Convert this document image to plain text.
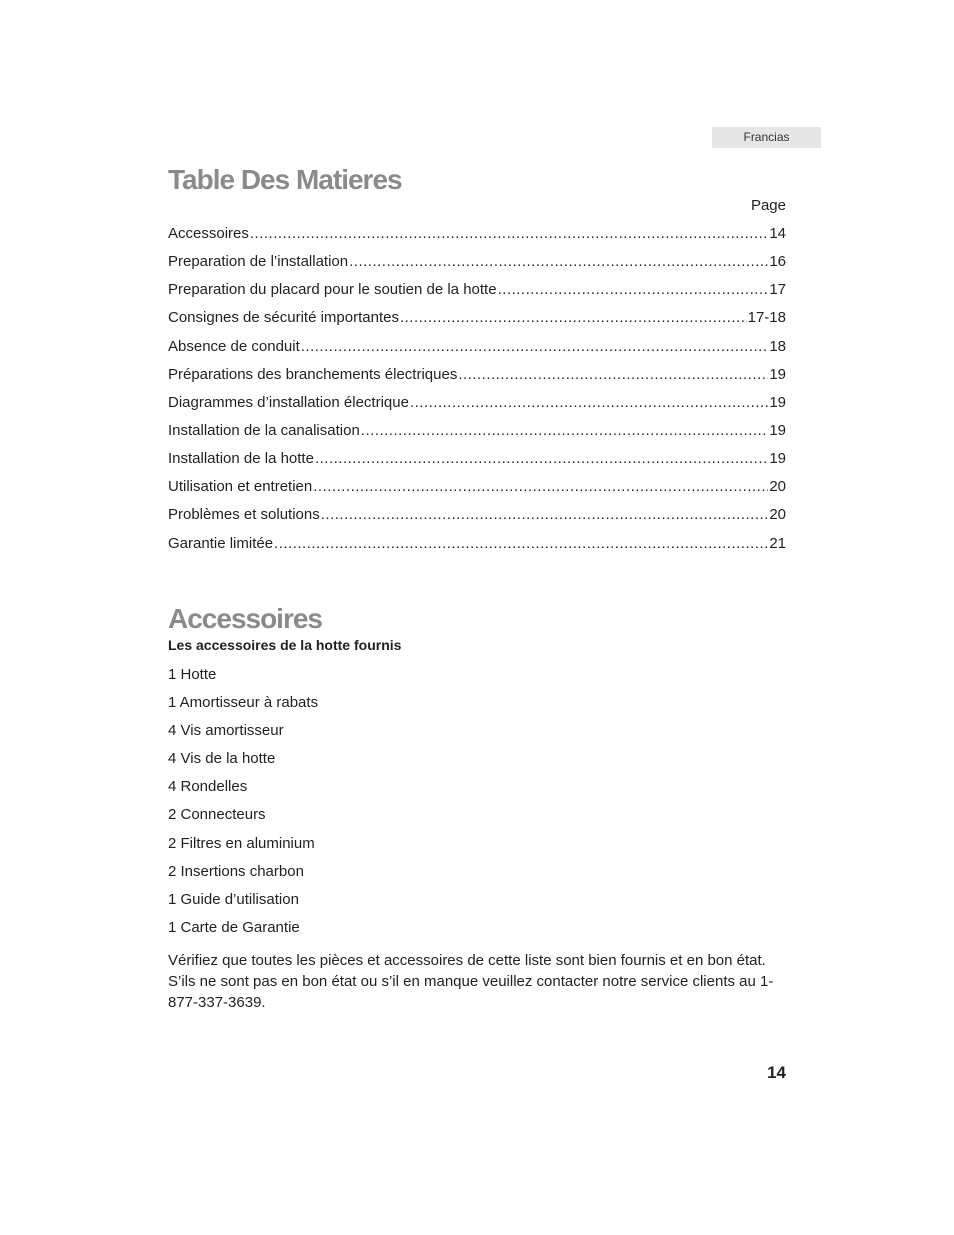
Francias
Table Des Matieres
Page
Accessoires .....	14
Preparation de l’installation .....	16
Preparation du placard pour le soutien de la hotte .....	17
Consignes de sécurité importantes .....	17-18
Absence de conduit .....	18
Préparations des branchements électriques .....	19
Diagrammes d’installation électrique .....	19
Installation de la canalisation .....	19
Installation de la hotte .....	19
Utilisation et entretien .....	20
Problèmes et solutions .....	20
Garantie limitée .....	21
Accessoires
Les accessoires de la hotte fournis
1 Hotte
1 Amortisseur à rabats
4 Vis amortisseur
4 Vis de la hotte
4 Rondelles
2 Connecteurs
2 Filtres en aluminium
2 Insertions charbon
1 Guide d’utilisation
1 Carte de Garantie

Vérifiez que toutes les pièces et accessoires de cette liste sont bien fournis et en bon état. S’ils ne sont pas en bon état ou s’il en manque veuillez contacter notre service clients au 1-877-337-3639.

14
